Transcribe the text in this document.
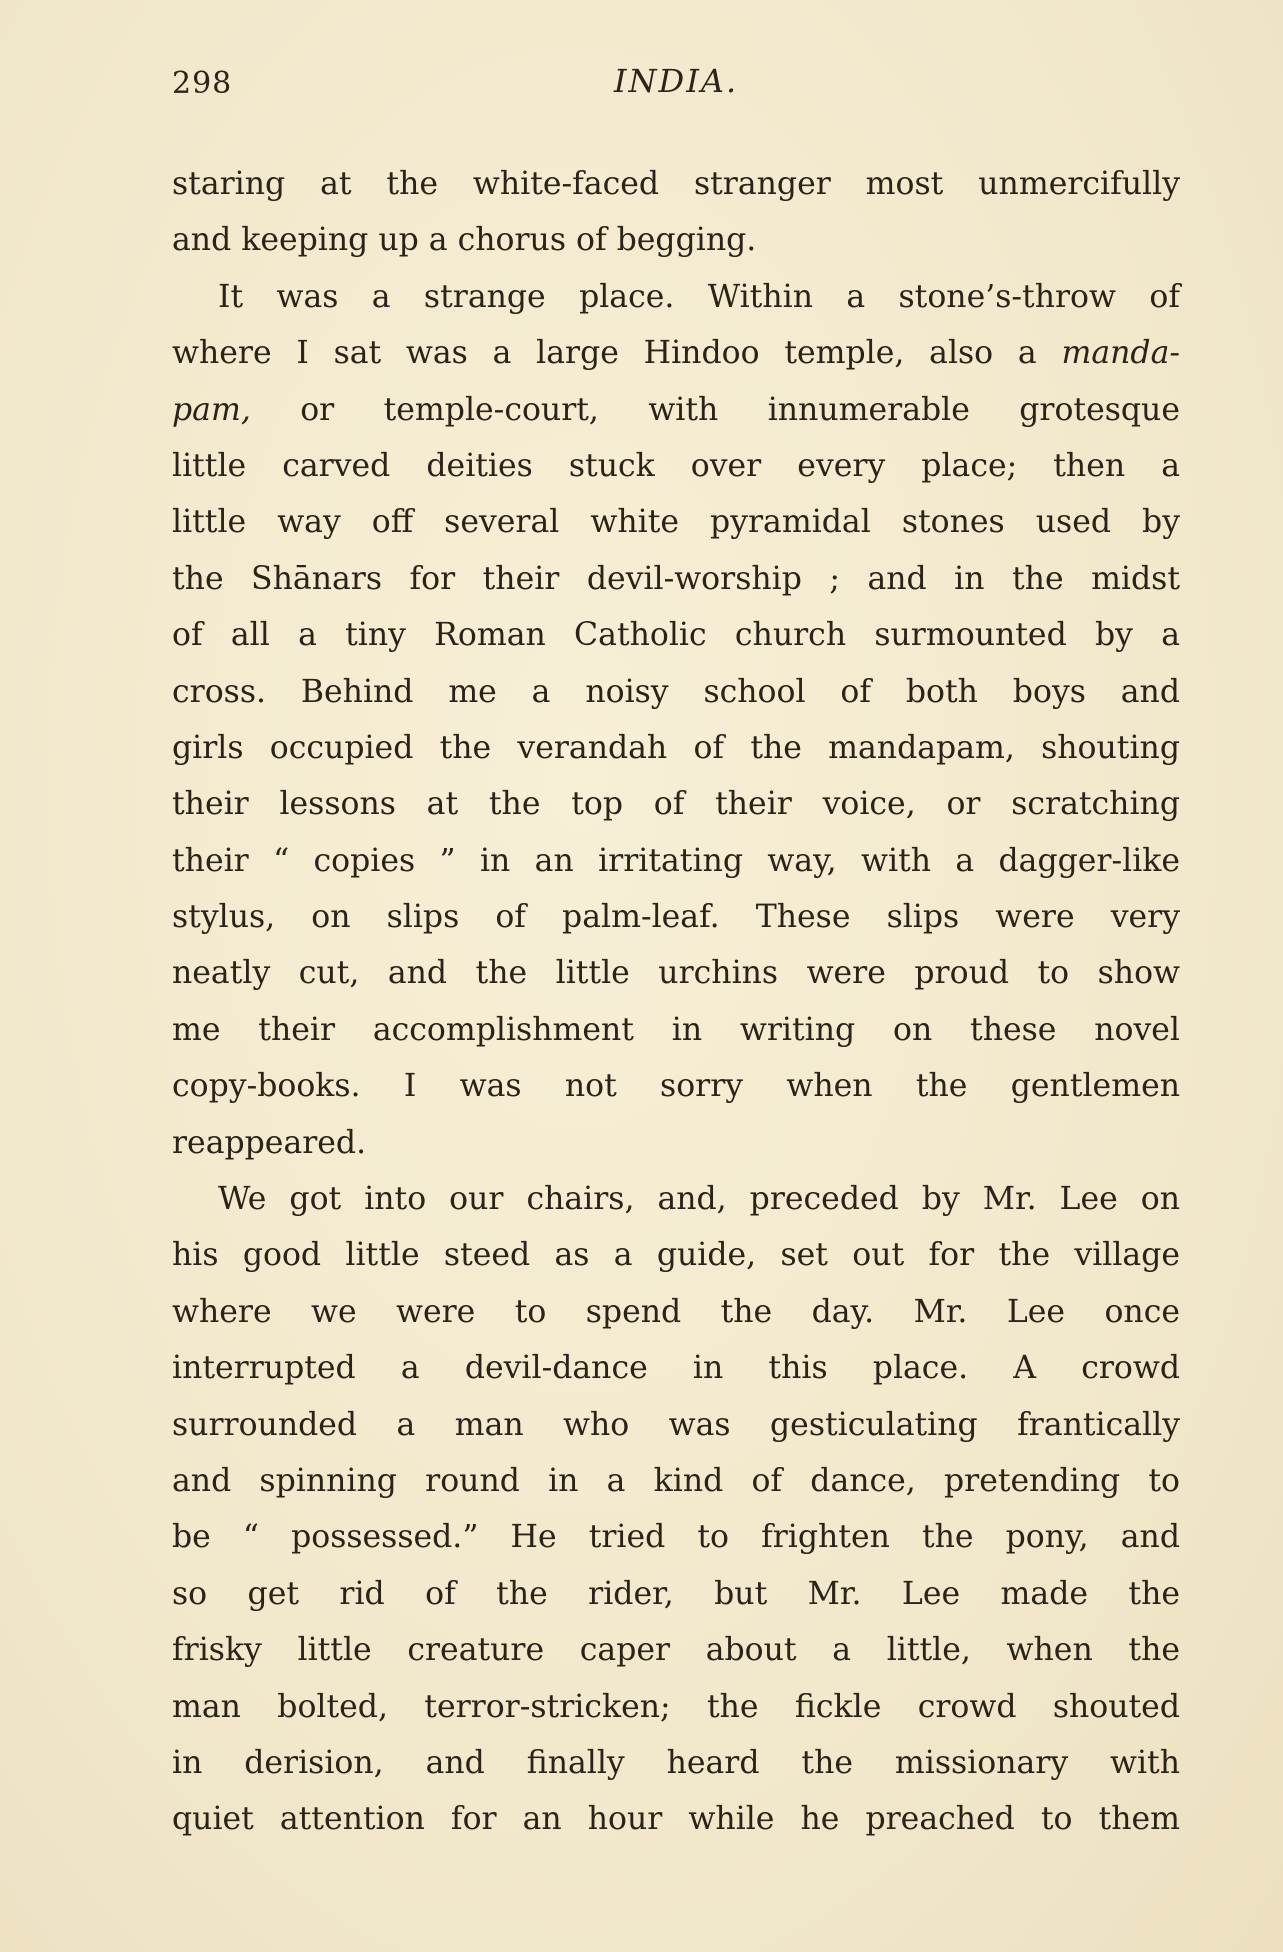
298	INDIA.
staring at the white-faced stranger most unmercifully
and keeping up a chorus of begging.
It was a strange place. Within a stone’s-throw of
where I sat was a large Hindoo temple, also a manda-
pam, or temple-court, with innumerable grotesque
little carved deities stuck over every place; then a
little way off several white pyramidal stones used by
the Shānars for their devil-worship ; and in the midst
of all a tiny Roman Catholic church surmounted by a
cross. Behind me a noisy school of both boys and
girls occupied the verandah of the mandapam, shouting
their lessons at the top of their voice, or scratching
their “ copies ” in an irritating way, with a dagger-like
stylus, on slips of palm-leaf. These slips were very
neatly cut, and the little urchins were proud to show
me their accomplishment in writing on these novel
copy-books. I was not sorry when the gentlemen
reappeared.
We got into our chairs, and, preceded by Mr. Lee on
his good little steed as a guide, set out for the village
where we were to spend the day. Mr. Lee once
interrupted a devil-dance in this place. A crowd
surrounded a man who was gesticulating frantically
and spinning round in a kind of dance, pretending to
be “ possessed.” He tried to frighten the pony, and
so get rid of the rider, but Mr. Lee made the
frisky little creature caper about a little, when the
man bolted, terror-stricken; the fickle crowd shouted
in derision, and finally heard the missionary with
quiet attention for an hour while he preached to them
